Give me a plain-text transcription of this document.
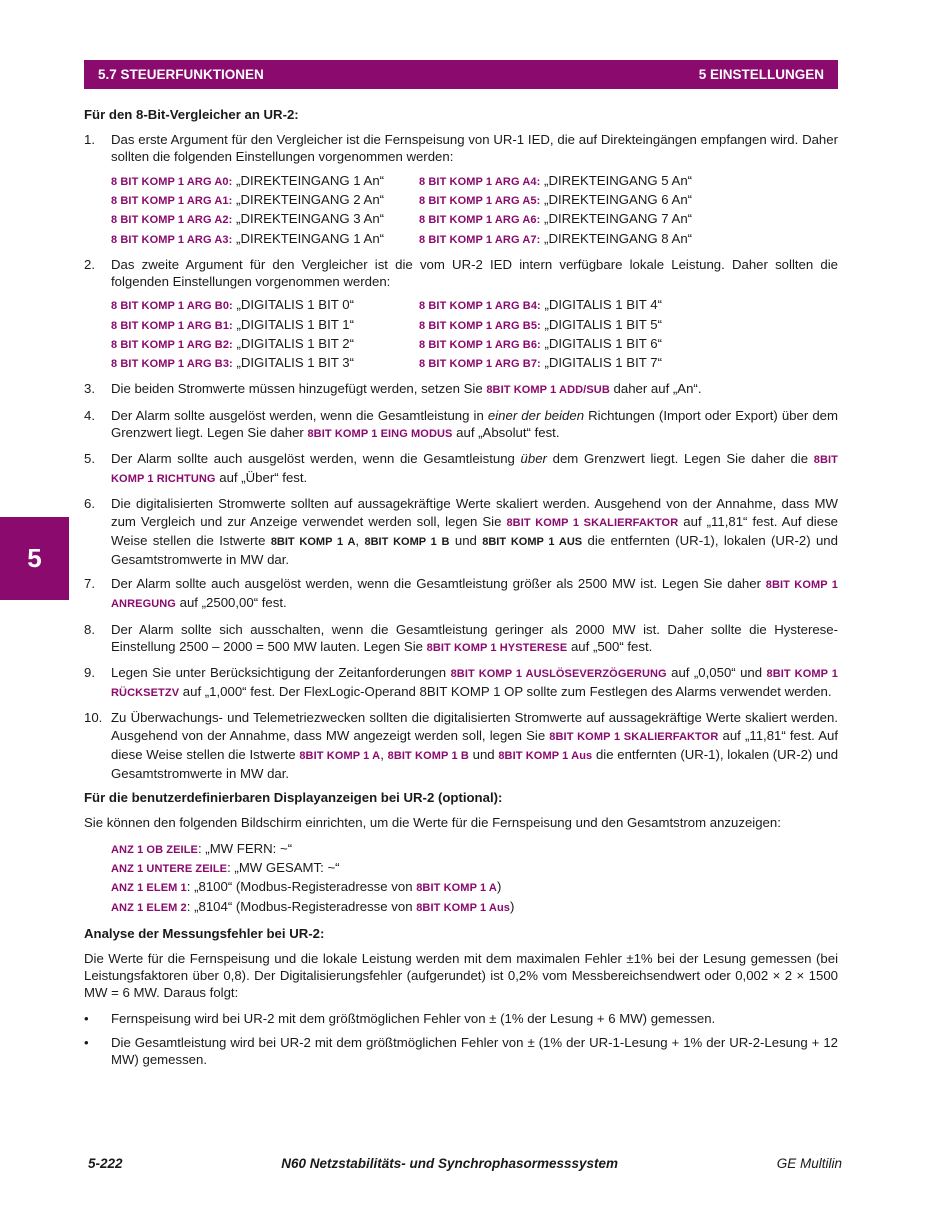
5.7 STEUERFUNKTIONEN	5 EINSTELLUNGEN
5
Für den 8-Bit-Vergleicher an UR-2:
1.	Das erste Argument für den Vergleicher ist die Fernspeisung von UR-1 IED, die auf Direkteingängen empfangen wird. Daher sollten die folgenden Einstellungen vorgenommen werden:
8 BIT KOMP 1 ARG A0: „DIREKTEINGANG 1 An“	8 BIT KOMP 1 ARG A4: „DIREKTEINGANG 5 An“
8 BIT KOMP 1 ARG A1: „DIREKTEINGANG 2 An“	8 BIT KOMP 1 ARG A5: „DIREKTEINGANG 6 An“
8 BIT KOMP 1 ARG A2: „DIREKTEINGANG 3 An“	8 BIT KOMP 1 ARG A6: „DIREKTEINGANG 7 An“
8 BIT KOMP 1 ARG A3: „DIREKTEINGANG 1 An“	8 BIT KOMP 1 ARG A7: „DIREKTEINGANG 8 An“
2.	Das zweite Argument für den Vergleicher ist die vom UR-2 IED intern verfügbare lokale Leistung. Daher sollten die folgenden Einstellungen vorgenommen werden:
8 BIT KOMP 1 ARG B0: „DIGITALIS 1 BIT 0“	8 BIT KOMP 1 ARG B4: „DIGITALIS 1 BIT 4“
8 BIT KOMP 1 ARG B1: „DIGITALIS 1 BIT 1“	8 BIT KOMP 1 ARG B5: „DIGITALIS 1 BIT 5“
8 BIT KOMP 1 ARG B2: „DIGITALIS 1 BIT 2“	8 BIT KOMP 1 ARG B6: „DIGITALIS 1 BIT 6“
8 BIT KOMP 1 ARG B3: „DIGITALIS 1 BIT 3“	8 BIT KOMP 1 ARG B7: „DIGITALIS 1 BIT 7“
3.	Die beiden Stromwerte müssen hinzugefügt werden, setzen Sie 8BIT KOMP 1 ADD/SUB daher auf „An“.
4.	Der Alarm sollte ausgelöst werden, wenn die Gesamtleistung in einer der beiden Richtungen (Import oder Export) über dem Grenzwert liegt. Legen Sie daher 8BIT KOMP 1 EING MODUS auf „Absolut“ fest.
5.	Der Alarm sollte auch ausgelöst werden, wenn die Gesamtleistung über dem Grenzwert liegt. Legen Sie daher die 8BIT KOMP 1 RICHTUNG auf „Über“ fest.
6.	Die digitalisierten Stromwerte sollten auf aussagekräftige Werte skaliert werden. Ausgehend von der Annahme, dass MW zum Vergleich und zur Anzeige verwendet werden soll, legen Sie 8BIT KOMP 1 SKALIERFAKTOR auf „11,81“ fest. Auf diese Weise stellen die Istwerte 8BIT KOMP 1 A, 8BIT KOMP 1 B und 8BIT KOMP 1 AUS die entfernten (UR-1), lokalen (UR-2) und Gesamtstromwerte in MW dar.
7.	Der Alarm sollte auch ausgelöst werden, wenn die Gesamtleistung größer als 2500 MW ist. Legen Sie daher 8BIT KOMP 1 ANREGUNG auf „2500,00“ fest.
8.	Der Alarm sollte sich ausschalten, wenn die Gesamtleistung geringer als 2000 MW ist. Daher sollte die Hysterese-Einstellung 2500 – 2000 = 500 MW lauten. Legen Sie 8BIT KOMP 1 HYSTERESE auf „500“ fest.
9.	Legen Sie unter Berücksichtigung der Zeitanforderungen 8BIT KOMP 1 AUSLÖSEVERZÖGERUNG auf „0,050“ und 8BIT KOMP 1 RÜCKSETZV auf „1,000“ fest. Der FlexLogic-Operand 8BIT KOMP 1 OP sollte zum Festlegen des Alarms verwendet werden.
10. Zu Überwachungs- und Telemetriezwecken sollten die digitalisierten Stromwerte auf aussagekräftige Werte skaliert werden. Ausgehend von der Annahme, dass MW angezeigt werden soll, legen Sie 8BIT KOMP 1 SKALIERFAKTOR auf „11,81“ fest. Auf diese Weise stellen die Istwerte 8BIT KOMP 1 A, 8BIT KOMP 1 B und 8BIT KOMP 1 Aus die entfernten (UR-1), lokalen (UR-2) und Gesamtstromwerte in MW dar.
Für die benutzerdefinierbaren Displayanzeigen bei UR-2 (optional):
Sie können den folgenden Bildschirm einrichten, um die Werte für die Fernspeisung und den Gesamtstrom anzuzeigen:
ANZ 1 OB ZEILE: „MW FERN: ~“
ANZ 1 UNTERE ZEILE: „MW GESAMT: ~“
ANZ 1 ELEM 1: „8100“ (Modbus-Registeradresse von 8BIT KOMP 1 A)
ANZ 1 ELEM 2: „8104“ (Modbus-Registeradresse von 8BIT KOMP 1 Aus)
Analyse der Messungsfehler bei UR-2:
Die Werte für die Fernspeisung und die lokale Leistung werden mit dem maximalen Fehler ±1% bei der Lesung gemessen (bei Leistungsfaktoren über 0,8). Der Digitalisierungsfehler (aufgerundet) ist 0,2% vom Messbereichsendwert oder 0,002 × 2 × 1500 MW = 6 MW. Daraus folgt:
•	Fernspeisung wird bei UR-2 mit dem größtmöglichen Fehler von ± (1% der Lesung + 6 MW) gemessen.
•	Die Gesamtleistung wird bei UR-2 mit dem größtmöglichen Fehler von ± (1% der UR-1-Lesung + 1% der UR-2-Lesung + 12 MW) gemessen.
5-222	N60 Netzstabilitäts- und Synchrophasormesssystem	GE Multilin
